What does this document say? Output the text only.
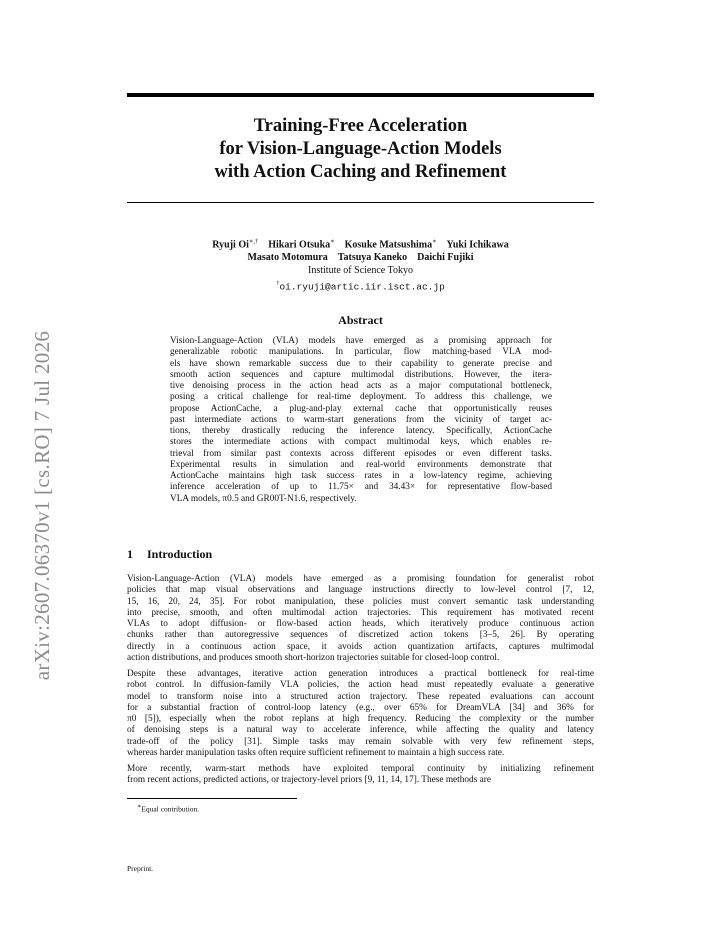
arXiv:2607.06370v1 [cs.RO] 7 Jul 2026
Training-Free Acceleration
for Vision-Language-Action Models
with Action Caching and Refinement
Ryuji Oi∗,† Hikari Otsuka∗ Kosuke Matsushima∗ Yuki Ichikawa
Masato Motomura Tatsuya Kaneko Daichi Fujiki
Institute of Science Tokyo
†oi.ryuji@artic.iir.isct.ac.jp
Abstract
Vision-Language-Action (VLA) models have emerged as a promising approach for
generalizable robotic manipulations. In particular, flow matching-based VLA mod-
els have shown remarkable success due to their capability to generate precise and
smooth action sequences and capture multimodal distributions. However, the itera-
tive denoising process in the action head acts as a major computational bottleneck,
posing a critical challenge for real-time deployment. To address this challenge, we
propose ActionCache, a plug-and-play external cache that opportunistically reuses
past intermediate actions to warm-start generations from the vicinity of target ac-
tions, thereby drastically reducing the inference latency. Specifically, ActionCache
stores the intermediate actions with compact multimodal keys, which enables re-
trieval from similar past contexts across different episodes or even different tasks.
Experimental results in simulation and real-world environments demonstrate that
ActionCache maintains high task success rates in a low-latency regime, achieving
inference acceleration of up to 11.75× and 34.43× for representative flow-based
VLA models, π0.5 and GR00T-N1.6, respectively.
1 Introduction
Vision-Language-Action (VLA) models have emerged as a promising foundation for generalist robot
policies that map visual observations and language instructions directly to low-level control [7, 12,
15, 16, 20, 24, 35]. For robot manipulation, these policies must convert semantic task understanding
into precise, smooth, and often multimodal action trajectories. This requirement has motivated recent
VLAs to adopt diffusion- or flow-based action heads, which iteratively produce continuous action
chunks rather than autoregressive sequences of discretized action tokens [3–5, 26]. By operating
directly in a continuous action space, it avoids action quantization artifacts, captures multimodal
action distributions, and produces smooth short-horizon trajectories suitable for closed-loop control.
Despite these advantages, iterative action generation introduces a practical bottleneck for real-time
robot control. In diffusion-family VLA policies, the action head must repeatedly evaluate a generative
model to transform noise into a structured action trajectory. These repeated evaluations can account
for a substantial fraction of control-loop latency (e.g., over 65% for DreamVLA [34] and 36% for
π0 [5]), especially when the robot replans at high frequency. Reducing the complexity or the number
of denoising steps is a natural way to accelerate inference, while affecting the quality and latency
trade-off of the policy [31]. Simple tasks may remain solvable with very few refinement steps,
whereas harder manipulation tasks often require sufficient refinement to maintain a high success rate.
More recently, warm-start methods have exploited temporal continuity by initializing refinement
from recent actions, predicted actions, or trajectory-level priors [9, 11, 14, 17]. These methods are
∗Equal contribution.
Preprint.
